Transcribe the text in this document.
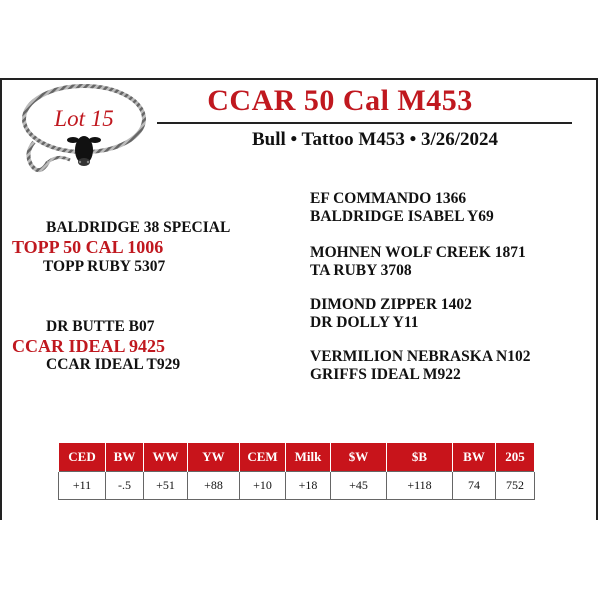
Lot 15
CCAR 50 Cal M453
Bull • Tattoo M453 • 3/26/2024
BALDRIDGE 38 SPECIAL
TOPP 50 CAL 1006
TOPP RUBY 5307
DR BUTTE B07
CCAR IDEAL 9425
CCAR IDEAL T929
EF COMMANDO 1366
BALDRIDGE ISABEL Y69
MOHNEN WOLF CREEK 1871
TA RUBY 3708
DIMOND ZIPPER 1402
DR DOLLY Y11
VERMILION NEBRASKA N102
GRIFFS IDEAL M922
CED	BW	WW	YW	CEM	Milk	$W	$B	BW	205
+11	-.5	+51	+88	+10	+18	+45	+118	74	752
